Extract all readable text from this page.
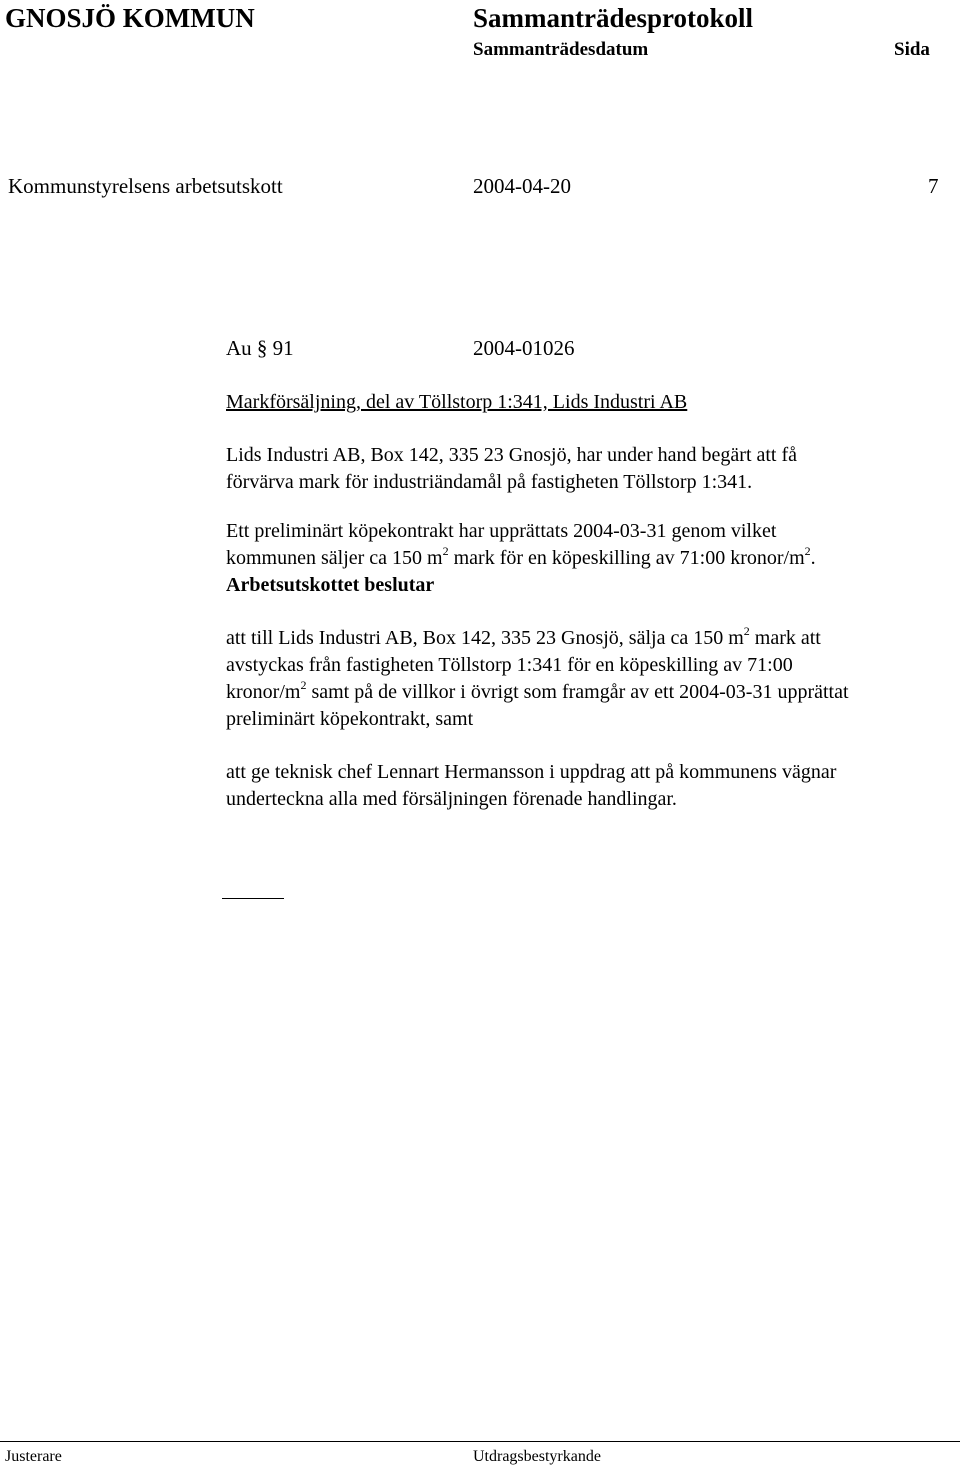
GNOSJÖ KOMMUN	Sammanträdesprotokoll
Sammanträdesdatum	Sida
Kommunstyrelsens arbetsutskott	2004-04-20	7
Au § 91	2004-01026

Markförsäljning, del av Töllstorp 1:341, Lids Industri AB

Lids Industri AB, Box 142, 335 23 Gnosjö, har under hand begärt att få

förvärva mark för industriändamål på fastigheten Töllstorp 1:341.

Ett preliminärt köpekontrakt har upprättats 2004-03-31 genom vilket

kommunen säljer ca 150 $m^2$ mark för en köpeskilling av 71:00 kronor/$m^2$.

Arbetsutskottet beslutar

att till Lids Industri AB, Box 142, 335 23 Gnosjö, sälja ca 150 $m^2$ mark att

avstyckas från fastigheten Töllstorp 1:341 för en köpeskilling av 71:00

kronor/$m^2$ samt på de villkor i övrigt som framgår av ett 2004-03-31 upprättat

preliminärt köpekontrakt, samt

att ge teknisk chef Lennart Hermansson i uppdrag att på kommunens vägnar

underteckna alla med försäljningen förenade handlingar.

Justerare	Utdragsbestyrkande
